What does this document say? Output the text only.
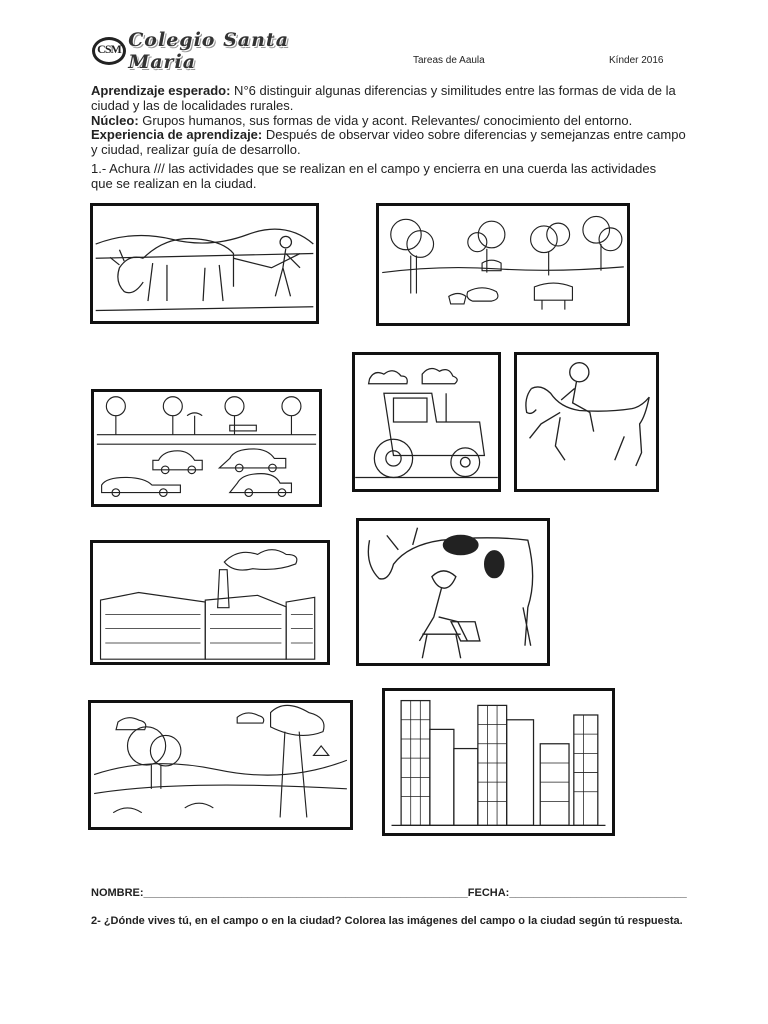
CSM Colegio Santa Maria	Tareas de Aaula	Kínder 2016
Aprendizaje esperado: N°6 distinguir algunas diferencias y similitudes entre las formas de vida de la ciudad y las de localidades rurales.
Núcleo: Grupos humanos, sus formas de vida y acont. Relevantes/ conocimiento del entorno.
Experiencia de aprendizaje: Después de observar video sobre diferencias y semejanzas entre campo y ciudad, realizar guía de desarrollo.
1.- Achura /// las actividades que se realizan en el campo y encierra en una cuerda las actividades que se realizan en la ciudad.
NOMBRE:_____________________________________________________FECHA:_____________________________
2- ¿Dónde vives tú, en el campo o en la ciudad? Colorea las imágenes del campo o la ciudad según tú respuesta.
